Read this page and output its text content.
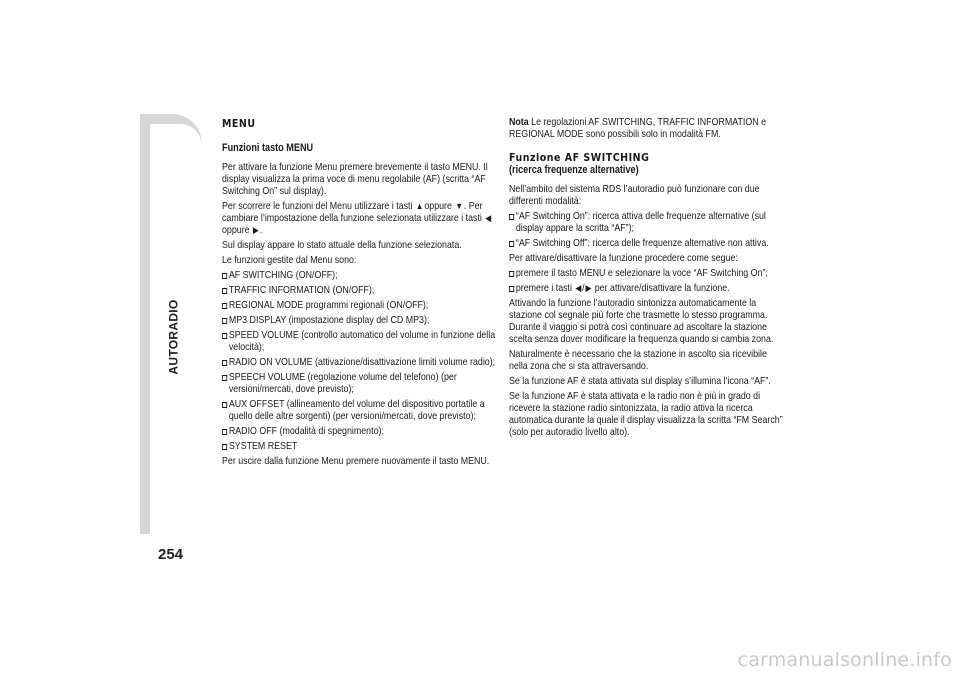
AUTORADIO
254
MENU
Funzioni tasto MENU

Per attivare la funzione Menu premere brevemente il tasto MENU. Il display visualizza la prima voce di menu regolabile (AF) (scritta “AF Switching On” sul display).

Per scorrere le funzioni del Menu utilizzare i tasti ▲oppure ▼. Per cambiare l’impostazione della funzione selezionata utilizzare i tasti ◀oppure ▶.

Sul display appare lo stato attuale della funzione selezionata.

Le funzioni gestite dal Menu sono:

AF SWITCHING (ON/OFF);
TRAFFIC INFORMATION (ON/OFF);
REGIONAL MODE programmi regionali (ON/OFF);
MP3 DISPLAY (impostazione display del CD MP3);
SPEED VOLUME (controllo automatico del volume in funzione della velocità);
RADIO ON VOLUME (attivazione/disattivazione limiti volume radio);
SPEECH VOLUME (regolazione volume del telefono) (per versioni/mercati, dove previsto);
AUX OFFSET (allineamento del volume del dispositivo portatile a quello delle altre sorgenti) (per versioni/mercati, dove previsto);
RADIO OFF (modalità di spegnimento);
SYSTEM RESET

Per uscire dalla funzione Menu premere nuovamente il tasto MENU.

Nota Le regolazioni AF SWITCHING, TRAFFIC INFORMATION e REGIONAL MODE sono possibili solo in modalità FM.

Funzione AF SWITCHING
(ricerca frequenze alternative)

Nell’ambito del sistema RDS l’autoradio può funzionare con due differenti modalità:

“AF Switching On”: ricerca attiva delle frequenze alternative (sul display appare la scritta “AF”);
“AF Switching Off”: ricerca delle frequenze alternative non attiva.

Per attivare/disattivare la funzione procedere come segue:

premere il tasto MENU e selezionare la voce “AF Switching On”;
premere i tasti ◀/▶ per attivare/disattivare la funzione.

Attivando la funzione l’autoradio sintonizza automaticamente la stazione col segnale più forte che trasmette lo stesso programma. Durante il viaggio si potrà così continuare ad ascoltare la stazione scelta senza dover modificare la frequenza quando si cambia zona.

Naturalmente è necessario che la stazione in ascolto sia ricevibile nella zona che si sta attraversando.

Se la funzione AF è stata attivata sul display s’illumina l’icona “AF”.

Se la funzione AF è stata attivata e la radio non è più in grado di ricevere la stazione radio sintonizzata, la radio attiva la ricerca automatica durante la quale il display visualizza la scritta “FM Search” (solo per autoradio livello alto).

carmanualsonline.info
